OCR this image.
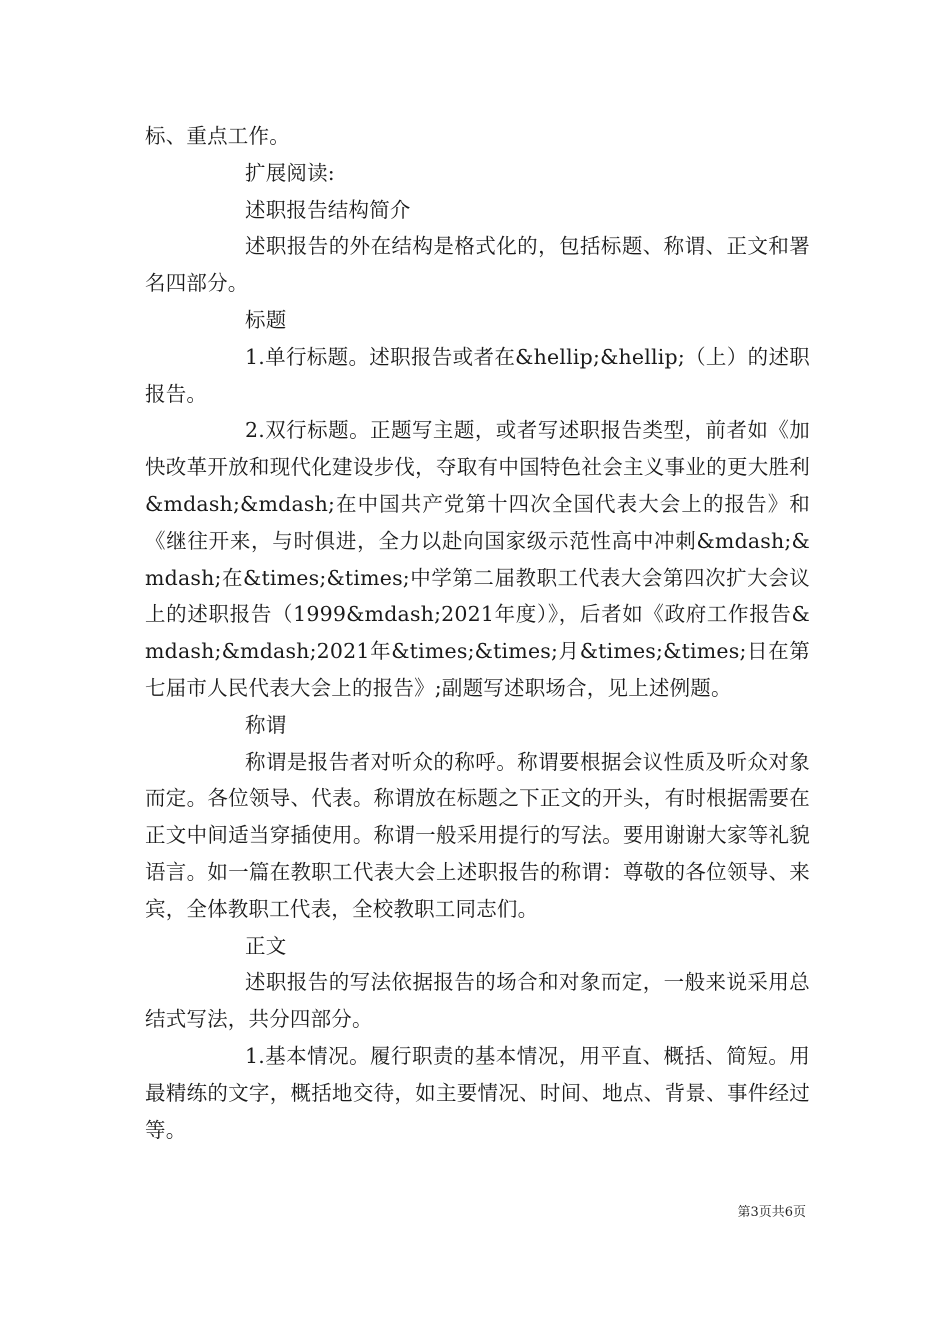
标、重点工作。

扩展阅读:

述职报告结构简介

述职报告的外在结构是格式化的，包括标题、称谓、正文和署名四部分。

标题

1.单行标题。述职报告或者在&hellip;&hellip;（上）的述职报告。

2.双行标题。正题写主题，或者写述职报告类型，前者如《加快改革开放和现代化建设步伐，夺取有中国特色社会主义事业的更大胜利&mdash;&mdash;在中国共产党第十四次全国代表大会上的报告》和《继往开来，与时俱进，全力以赴向国家级示范性高中冲刺&mdash;&mdash;在&times;&times;中学第二届教职工代表大会第四次扩大会议上的述职报告（1999&mdash;2021年度）》，后者如《政府工作报告&mdash;&mdash;2021年&times;&times;月&times;&times;日在第七届市人民代表大会上的报告》;副题写述职场合，见上述例题。

称谓

称谓是报告者对听众的称呼。称谓要根据会议性质及听众对象而定。各位领导、代表。称谓放在标题之下正文的开头，有时根据需要在正文中间适当穿插使用。称谓一般采用提行的写法。要用谢谢大家等礼貌语言。如一篇在教职工代表大会上述职报告的称谓：尊敬的各位领导、来宾，全体教职工代表，全校教职工同志们。

正文

述职报告的写法依据报告的场合和对象而定，一般来说采用总结式写法，共分四部分。

1.基本情况。履行职责的基本情况，用平直、概括、简短。用最精练的文字，概括地交待，如主要情况、时间、地点、背景、事件经过等。

第3页共6页
